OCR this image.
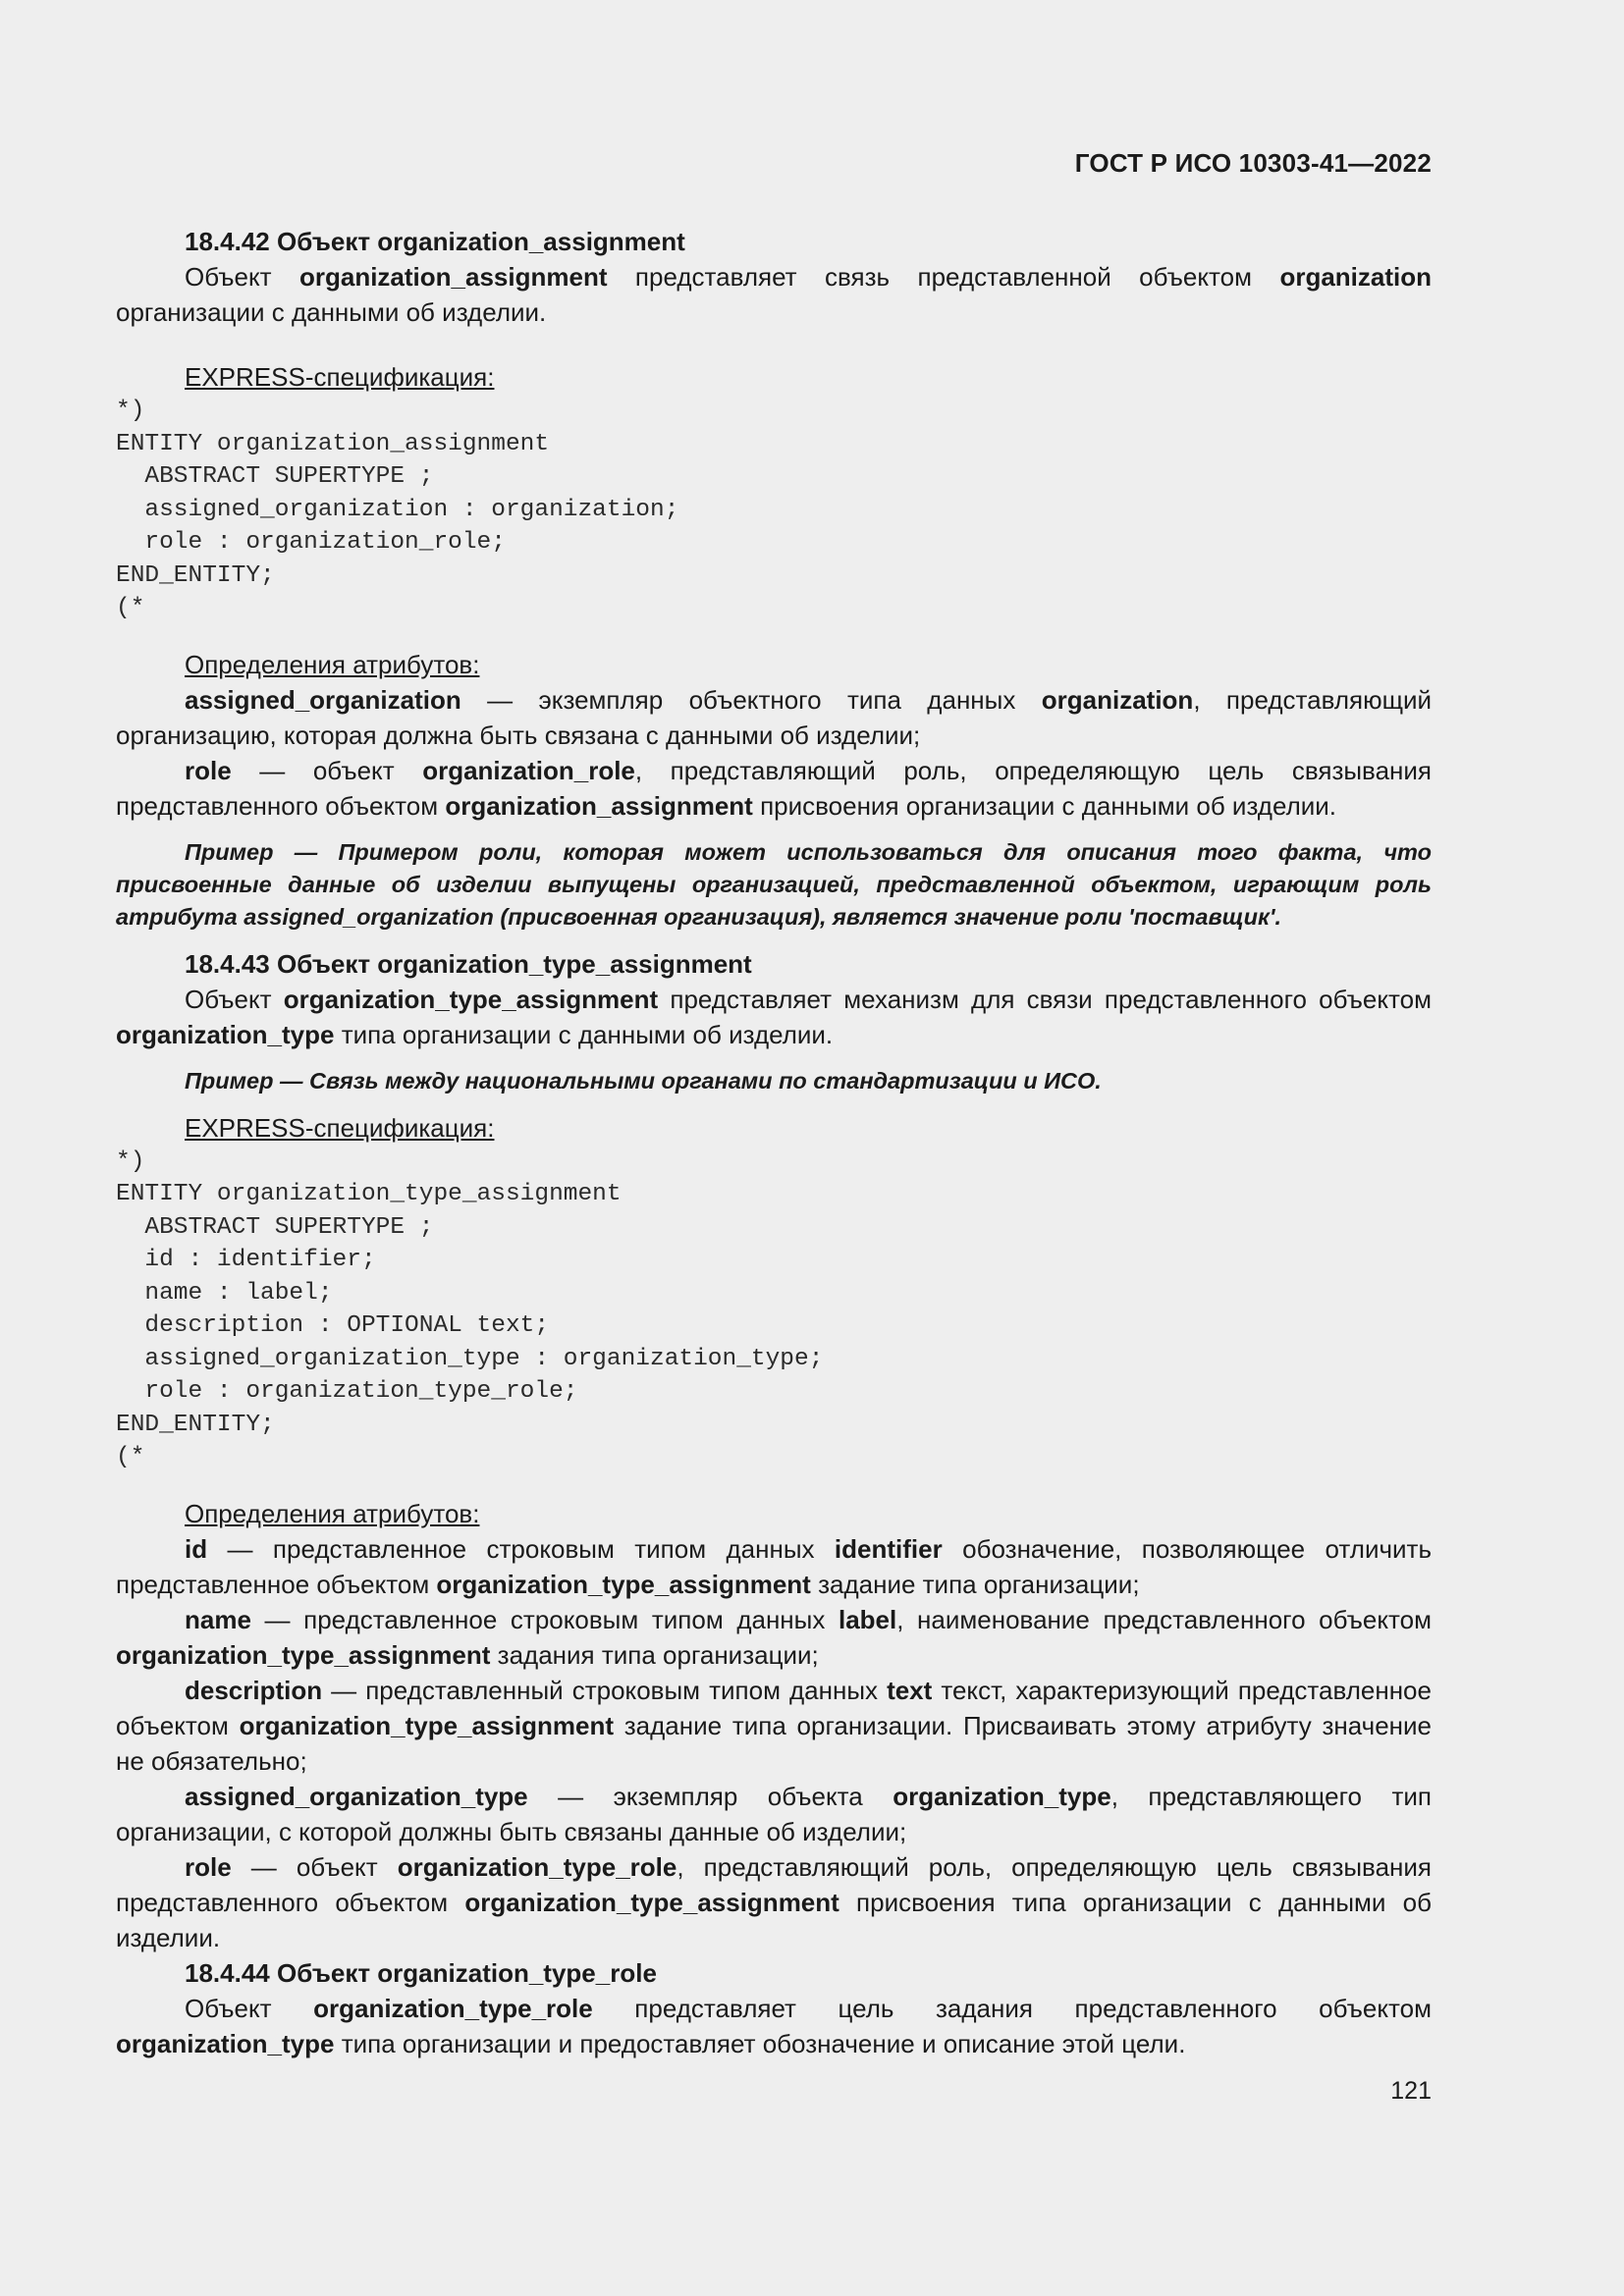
ГОСТ Р ИСО 10303-41—2022

18.4.42 Объект organization_assignment

Объект organization_assignment представляет связь представленной объектом organization организации с данными об изделии.

EXPRESS-спецификация:

*)
ENTITY organization_assignment
ABSTRACT SUPERTYPE ;
assigned_organization : organization;
role : organization_role;
END_ENTITY;
(*

Определения атрибутов:

assigned_organization — экземпляр объектного типа данных organization, представляющий организацию, которая должна быть связана с данными об изделии;

role — объект organization_role, представляющий роль, определяющую цель связывания представленного объектом organization_assignment присвоения организации с данными об изделии.

Пример — Примером роли, которая может использоваться для описания того факта, что присвоенные данные об изделии выпущены организацией, представленной объектом, играющим роль атрибута assigned_organization (присвоенная организация), является значение роли 'поставщик'.

18.4.43 Объект organization_type_assignment

Объект organization_type_assignment представляет механизм для связи представленного объектом organization_type типа организации с данными об изделии.

Пример — Связь между национальными органами по стандартизации и ИСО.

EXPRESS-спецификация:

*)
ENTITY organization_type_assignment
ABSTRACT SUPERTYPE ;
id : identifier;
name : label;
description : OPTIONAL text;
assigned_organization_type : organization_type;
role : organization_type_role;
END_ENTITY;
(*

Определения атрибутов:

id — представленное строковым типом данных identifier обозначение, позволяющее отличить представленное объектом organization_type_assignment задание типа организации;

name — представленное строковым типом данных label, наименование представленного объектом organization_type_assignment задания типа организации;

description — представленный строковым типом данных text текст, характеризующий представленное объектом organization_type_assignment задание типа организации. Присваивать этому атрибуту значение не обязательно;

assigned_organization_type — экземпляр объекта organization_type, представляющего тип организации, с которой должны быть связаны данные об изделии;

role — объект organization_type_role, представляющий роль, определяющую цель связывания представленного объектом organization_type_assignment присвоения типа организации с данными об изделии.

18.4.44 Объект organization_type_role

Объект organization_type_role представляет цель задания представленного объектом organization_type типа организации и предоставляет обозначение и описание этой цели.

121
